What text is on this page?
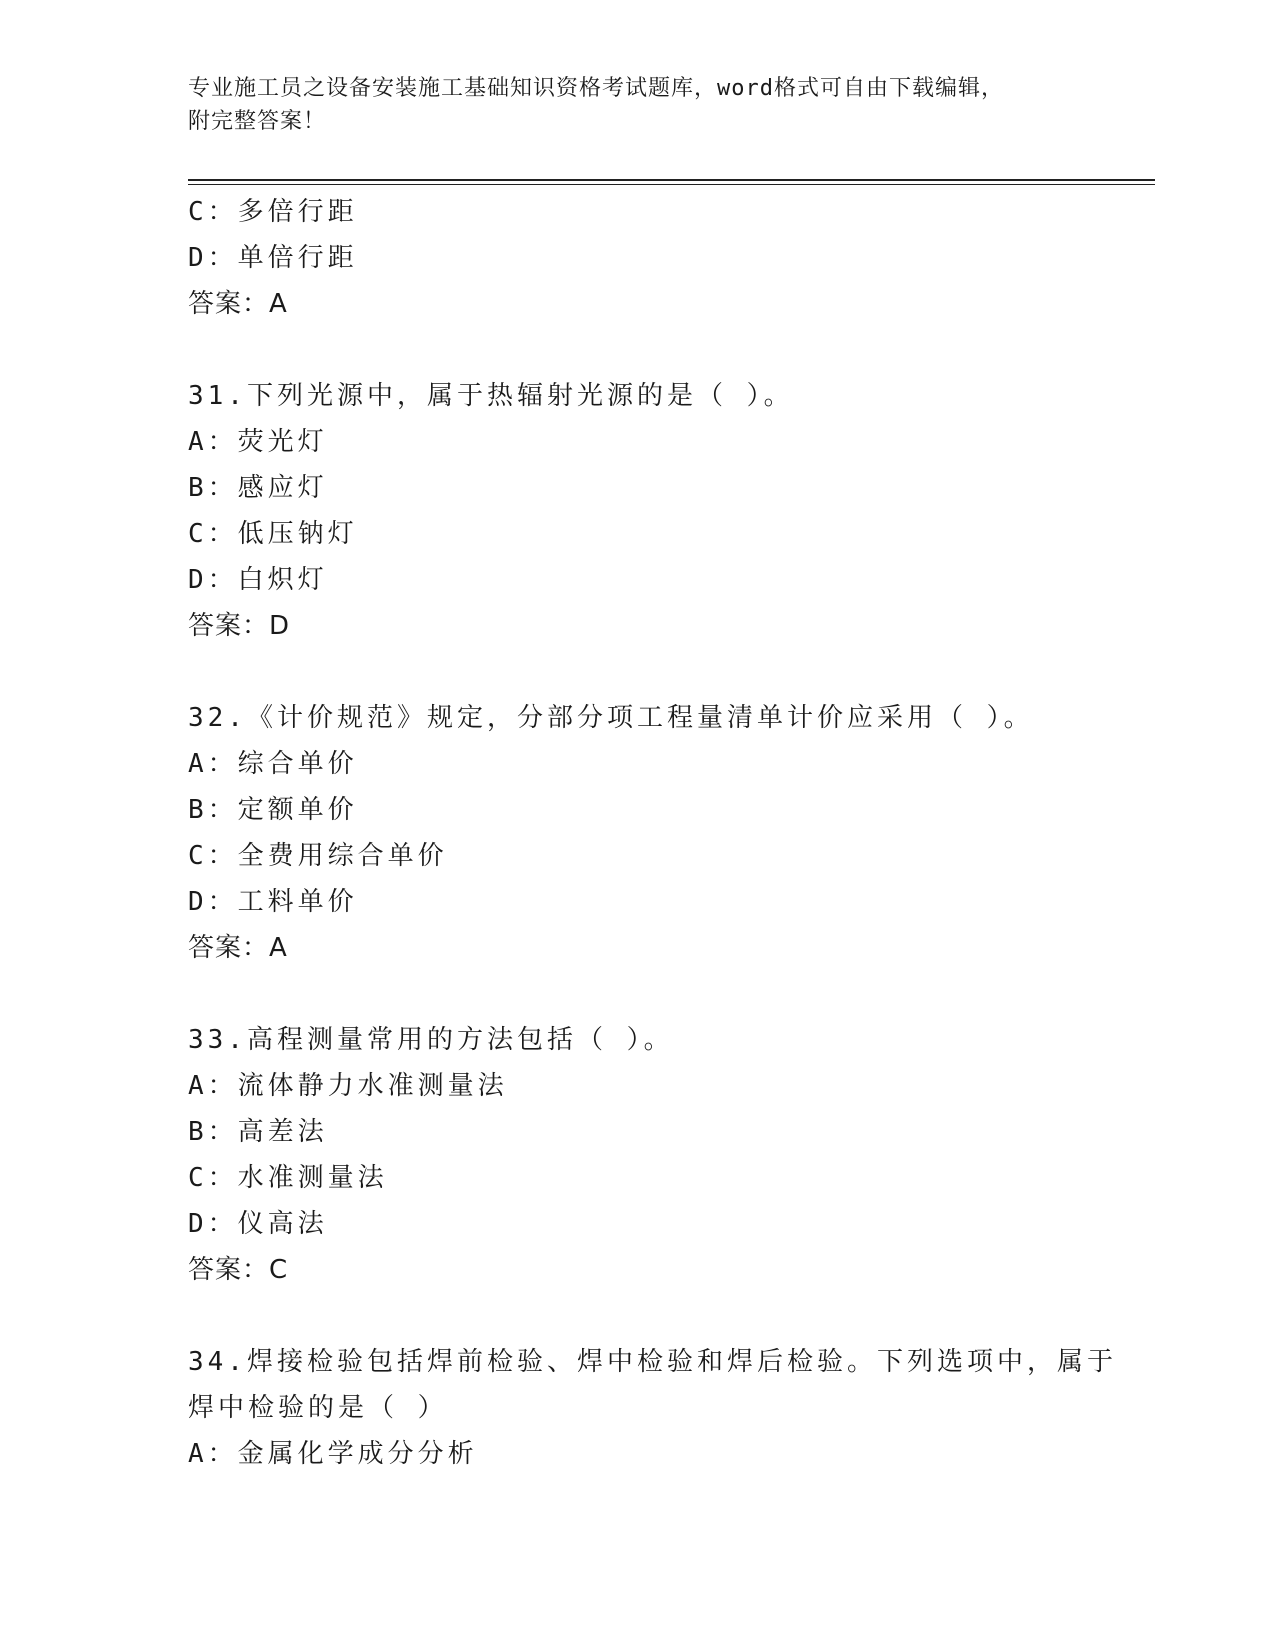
专业施工员之设备安装施工基础知识资格考试题库，word格式可自由下载编辑，
附完整答案！
C：多倍行距
D：单倍行距
答案：A
31.下列光源中，属于热辐射光源的是（ ）。
A：荧光灯
B：感应灯
C：低压钠灯
D：白炽灯
答案：D
32.《计价规范》规定，分部分项工程量清单计价应采用（ ）。
A：综合单价
B：定额单价
C：全费用综合单价
D：工料单价
答案：A
33.高程测量常用的方法包括（ ）。
A：流体静力水准测量法
B：高差法
C：水准测量法
D：仪高法
答案：C
34.焊接检验包括焊前检验、焊中检验和焊后检验。下列选项中，属于
焊中检验的是（ ）
A：金属化学成分分析
